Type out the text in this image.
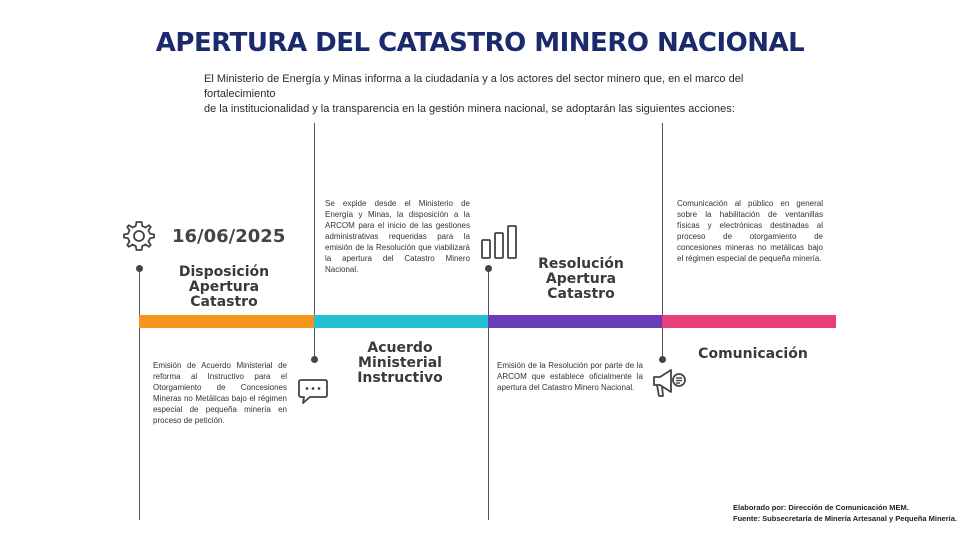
APERTURA DEL CATASTRO MINERO NACIONAL
El Ministerio de Energía y Minas informa a la ciudadanía y a los actores del sector minero que, en el marco del fortalecimiento
de la institucionalidad y la transparencia en la gestión minera nacional, se adoptarán las siguientes acciones:
16/06/2025
Disposición
Apertura
Catastro
Emisión de Acuerdo Ministerial de reforma al Instructivo para el Otorgamiento de Concesiones Mineras no Metálicas bajo el régimen especial de pequeña minería en proceso de petición.
Se expide desde el Ministerio de Energía y Minas, la disposición a la ARCOM para el inicio de las gestiones administrativas requeridas para la emisión de la Resolución que viabilizará la apertura del Catastro Minero Nacional.
Acuerdo
Ministerial
Instructivo
Resolución
Apertura
Catastro
Emisión de la Resolución por parte de la ARCOM que establece oficialmente la apertura del Catastro Minero Nacional.
Comunicación al público en general sobre la habilitación de ventanillas físicas y electrónicas destinadas al proceso de otorgamiento de concesiones mineras no metálicas bajo el régimen especial de pequeña minería.
Comunicación
Elaborado por: Dirección de Comunicación MEM.
Fuente: Subsecretaría de Minería Artesanal y Pequeña Minería.
